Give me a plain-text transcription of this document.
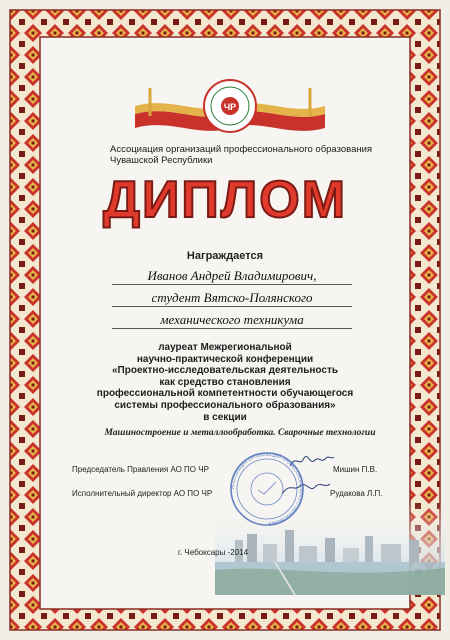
ЧР
Ассоциация организаций профессионального образования
Чувашской Республики
ДИПЛОМ
Награждается
Иванов Андрей Владимирович,
студент Вятско-Полянского
механического техникума
лауреат Межрегиональной
научно-практической конференции
«Проектно-исследовательская деятельность
как средство становления
профессиональной компетентности обучающегося
системы профессионального образования»
в секции
Машиностроение и металлообработка. Сварочные технологии
Председатель Правления АО ПО ЧР	Мишин П.В.
Исполнительный директор АО ПО ЧР	Рудакова Л.П.
АССОЦИАЦИЯ ОРГАНИЗАЦИЙ ПРОФЕССИОНАЛЬНОГО ОБРАЗОВАНИЯ
г. Чебоксары -2014
